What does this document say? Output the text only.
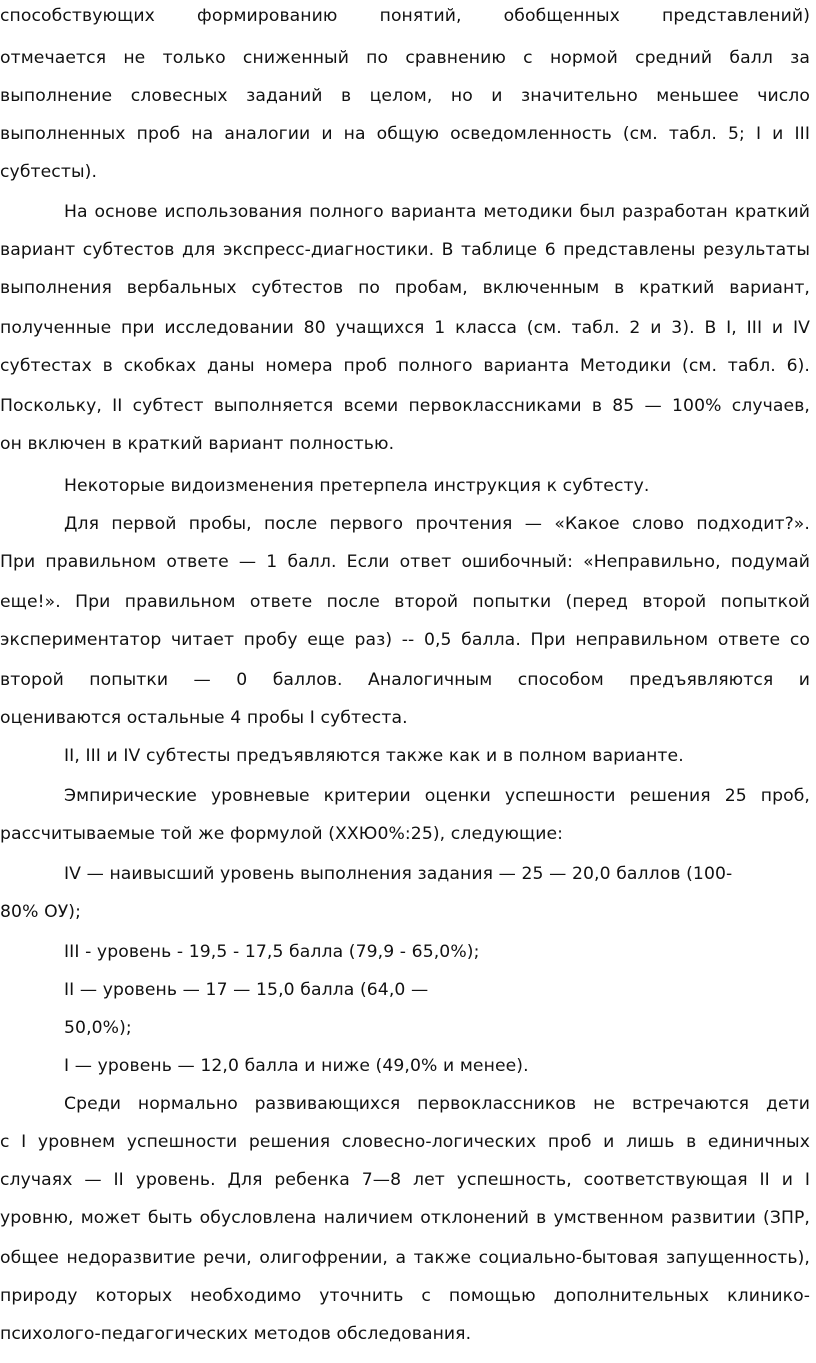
способствующих формированию понятий, обобщенных представлений)
отмечается не только сниженный по сравнению с нормой средний балл за
выполнение словесных заданий в целом, но и значительно меньшее число
выполненных проб на аналогии и на общую осведомленность (см. табл. 5; I и III
субтесты).
На основе использования полного варианта методики был разработан краткий
вариант субтестов для экспресс-диагностики. В таблице 6 представлены результаты
выполнения вербальных субтестов по пробам, включенным в краткий вариант,
полученные при исследовании 80 учащихся 1 класса (см. табл. 2 и 3). В I, III и IV
субтестах в скобках даны номера проб полного варианта Методики (см. табл. 6).
Поскольку, II субтест выполняется всеми первоклассниками в 85 — 100% случаев,
он включен в краткий вариант полностью.
Некоторые видоизменения претерпела инструкция к субтесту.
Для первой пробы, после первого прочтения — «Какое слово подходит?».
При правильном ответе — 1 балл. Если ответ ошибочный: «Неправильно, подумай
еще!». При правильном ответе после второй попытки (перед второй попыткой
экспериментатор читает пробу еще раз) -- 0,5 балла. При неправильном ответе со
второй попытки — 0 баллов. Аналогичным способом предъявляются и
оцениваются остальные 4 пробы I субтеста.
II, III и IV субтесты предъявляются также как и в полном варианте.
Эмпирические уровневые критерии оценки успешности решения 25 проб,
рассчитываемые той же формулой (ХХЮ0%:25), следующие:
IV — наивысший уровень выполнения задания — 25 — 20,0 баллов (100-
80% ОУ);
III - уровень - 19,5 - 17,5 балла (79,9 - 65,0%);
II — уровень — 17 — 15,0 балла (64,0 —
50,0%);
I — уровень — 12,0 балла и ниже (49,0% и менее).
Среди нормально развивающихся первоклассников не встречаются дети
с I уровнем успешности решения словесно-логических проб и лишь в единичных
случаях — II уровень. Для ребенка 7—8 лет успешность, соответствующая II и I
уровню, может быть обусловлена наличием отклонений в умственном развитии (ЗПР,
общее недоразвитие речи, олигофрении, а также социально-бытовая запущенность),
природу которых необходимо уточнить с помощью дополнительных клинико-
психолого-педагогических методов обследования.
